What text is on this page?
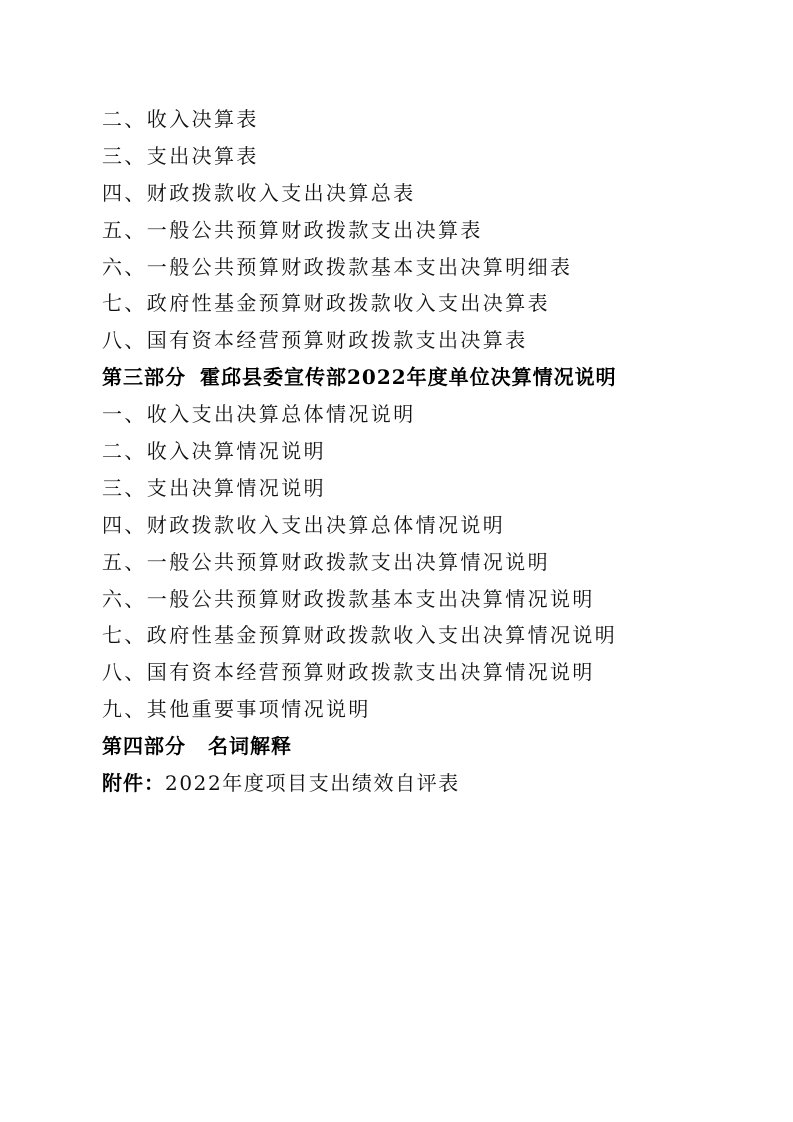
二、收入决算表
三、支出决算表
四、财政拨款收入支出决算总表
五、一般公共预算财政拨款支出决算表
六、一般公共预算财政拨款基本支出决算明细表
七、政府性基金预算财政拨款收入支出决算表
八、国有资本经营预算财政拨款支出决算表
第三部分 霍邱县委宣传部2022年度单位决算情况说明
一、收入支出决算总体情况说明
二、收入决算情况说明
三、支出决算情况说明
四、财政拨款收入支出决算总体情况说明
五、一般公共预算财政拨款支出决算情况说明
六、一般公共预算财政拨款基本支出决算情况说明
七、政府性基金预算财政拨款收入支出决算情况说明
八、国有资本经营预算财政拨款支出决算情况说明
九、其他重要事项情况说明
第四部分 名词解释
附件：2022年度项目支出绩效自评表
